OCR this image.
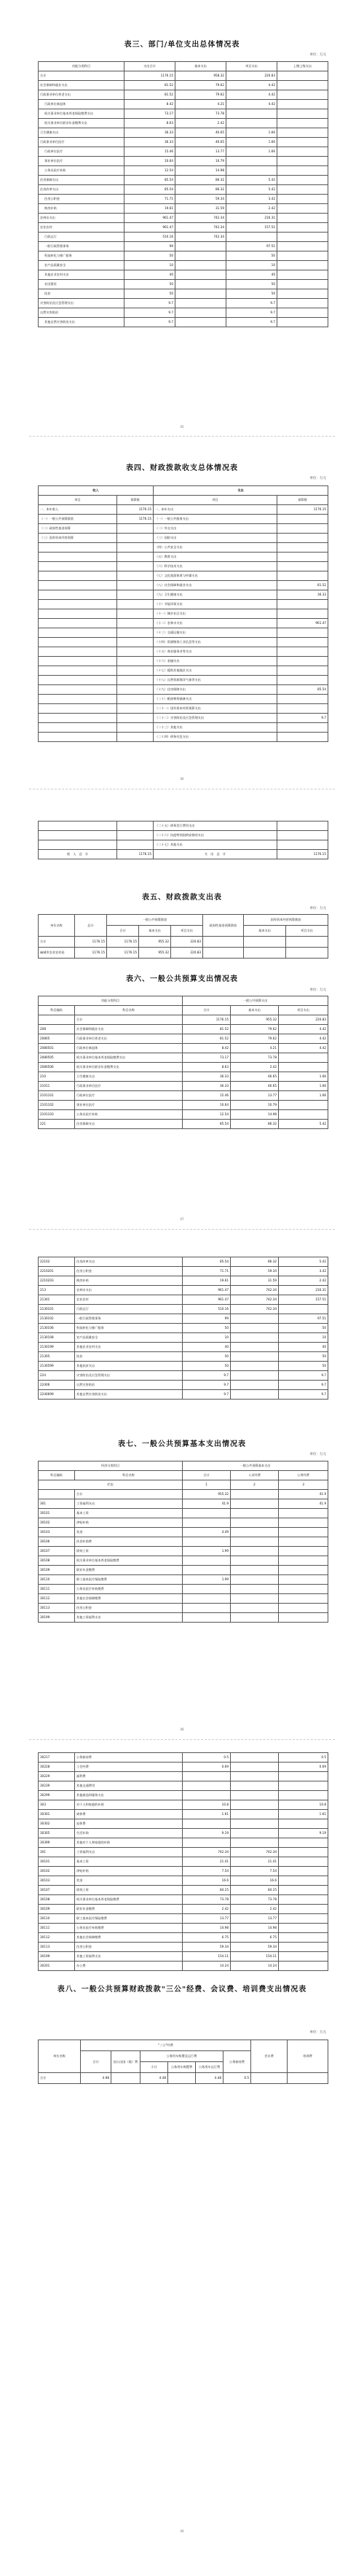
表三、部门/单位支出总体情况表
单位：万元
功能分类科目	支出合计	基本支出	项目支出	上缴上级支出
合计	1176.15	958.32	220.83	
社会保障和就业支出	81.52	79.62	4.42	
行政事业单位养老支出	81.52	79.62	4.42	
行政单位离退休	8.42	4.21	4.42	
机关事业单位基本养老保险缴费支出	73.17	73.78		
机关事业单位职业年金缴费支出	8.63	2.42		
卫生健康支出	36.33	46.65	1.66	
行政事业单位医疗	36.33	46.65	1.66	
行政单位医疗	15.46	13.77	1.66	
事业单位医疗	10.64	10.79		
公务员医疗补助	12.54	14.98		
住房保障支出	85.54	86.32	5.42	
住房改革支出	85.54	86.32	5.42	
住房公积金	71.71	59.34	3.42	
购房补贴	19.61	31.59	2.42	
农林水支出	961.47	742.34	216.31	
农业农村	961.47	742.34	157.51	
行政运行	510.16	742.34		
一般行政管理事务	99		97.51	
科技转化与推广服务	50		50	
农产品质量安全	10		10	
其他农业农村支出	40		40	
农田建设	50		50	
扶贫	50		50	
灾害防治及应急管理支出	9.7		9.7	
自然灾害防治	9.7		9.7	
其他自然灾害防治支出	9.7		9.7	
05
表四、财政拨款收支总体情况表
单位：万元
收入		支出	
项目	预算数	项目	预算数
一、本年收入	1176.15	一、本年支出	1176.15
（一）一般公共预算拨款	1176.15	（一）一般公共服务支出	
（二）政府性基金预算		（二）外交支出	
（三）国有资本经营预算		（三）国防支出	
		（四）公共安全支出	
		（五）教育支出	
		（六）科学技术支出	
		（七）文化旅游体育与传媒支出	
		（八）社会保障和就业支出	81.52
		（九）卫生健康支出	36.33
		（十）节能环保支出	
		（十一）城乡社区支出	
		（十二）农林水支出	961.47
		（十三）交通运输支出	
		（十四）资源勘探工业信息等支出	
		（十五）商业服务业等支出	
		（十六）金融支出	
		（十七）援助其他地区支出	
		（十八）自然资源海洋气象等支出	
		（十九）住房保障支出	85.54
		（二十）粮油物资储备支出	
		（二十一）国有资本经营预算支出	
		（二十二）灾害防治及应急管理支出	9.7
		（二十三）其他支出	
		（二十四）债务付息支出	
06
		（二十五）债务发行费用支出	
		（二十六）抗疫特别国债安排的支出	
		（二十七）其他支出	
收　入　总　计	1176.15	支　出　总　计	1176.15
表五、财政拨款支出表
单位：万元
单位名称	总计	一般公共预算拨款			政府性基金预算拨款	国有资本经营预算拨款	
		合计	基本支出	项目支出		基本支出	项目支出
合计	1176.15	1176.15	955.32	220.83			
麻城市农业农村局	1176.15	1176.15	955.32	220.83			
表六、一般公共预算支出情况表
单位：万元
功能分类科目		一般公共预算支出		
科目编码	科目名称	合计	基本支出	项目支出
	合计	1176.15	955.32	220.83
208	社会保障和就业支出	81.52	79.62	4.42
20805	行政事业单位养老支出	81.52	79.62	4.42
2080501	行政单位离退休	8.42	4.21	4.42
2080505	机关事业单位基本养老保险缴费支出	73.17	73.78	
2080506	机关事业单位职业年金缴费支出	8.63	2.42	
210	卫生健康支出	36.33	46.65	1.66
21011	行政事业单位医疗	36.33	46.65	1.66
2101101	行政单位医疗	15.46	13.77	1.66
2101102	事业单位医疗	10.64	10.79	
2101103	公务员医疗补助	12.54	14.98	
221	住房保障支出	85.54	86.32	5.42
07
22102	住房改革支出	85.54	86.32	5.42
2210201	住房公积金	71.71	59.34	3.42
2210203	购房补贴	19.61	31.59	2.42
213	农林水支出	961.47	742.34	216.31
21301	农业农村	961.47	742.34	157.51
2130101	行政运行	510.16	742.34	
2130102	一般行政管理事务	99		97.51
2130106	科技转化与推广服务	50		50
2130108	农产品质量安全	10		10
2130199	其他农业农村支出	40		40
21305	扶贫	50		50
2130599	其他扶贫支出	50		50
224	灾害防治及应急管理支出	9.7		9.7
22406	自然灾害防治	9.7		9.7
2240699	其他自然灾害防治支出	9.7		9.7
表七、一般公共预算基本支出情况表
单位：万元
经济分类科目		一般公共预算基本支出		
科目编码	科目名称	合计	人员经费	公用经费
栏次		1	2	3
	合计	955.32		41.9
301	工资福利支出	41.9		41.9
30101	基本工资			
30102	津贴补贴			
30103	奖金	4.49		
30106	伙食补助费			
30107	绩效工资	1.99		
30108	机关事业单位基本养老保险缴费			
30109	职业年金缴费			
30110	职工基本医疗保险缴费	1.99		
30111	公务员医疗补助缴费			
30112	其他社会保障缴费			
30113	住房公积金			
30199	其他工资福利支出			
08
30217	公务接待费	0.5		0.5
30228	工会经费	0.69		0.69
30229	福利费			
30239	其他交通费用			
30299	其他商品和服务支出			
303	对个人和家庭的补助	10.8		10.8
30301	离休费	1.61		1.61
30302	退休费			
30305	生活补助	9.19		9.19
30399	其他对个人和家庭的补助			
301	工资福利支出	742.34	742.34	
30101	基本工资	21.41	21.41	
30102	津贴补贴	7.54	7.54	
30103	奖金	16.6	16.6	
30107	绩效工资	84.15	84.15	
30108	机关事业单位基本养老保险缴费	73.78	73.78	
30109	职业年金缴费	2.42	2.42	
30110	职工基本医疗保险缴费	13.77	13.77	
30111	公务员医疗补助缴费	14.98	14.98	
30112	其他社会保障缴费	6.75	6.75	
30113	住房公积金	59.34	59.34	
30199	其他工资福利支出	154.11	154.11	
30201	办公费	14.24	14.24	
表八、一般公共预算财政拨款"三公"经费、会议费、培训费支出情况表
单位：万元
单位名称	"三公"经费						会议费	培训费
	合计	因公出国（境）费	公务用车购置及运行费			公务接待费		
			小计	公务用车购置费	公务用车运行费			
合计	4.98		4.48		4.48	0.5		
09
